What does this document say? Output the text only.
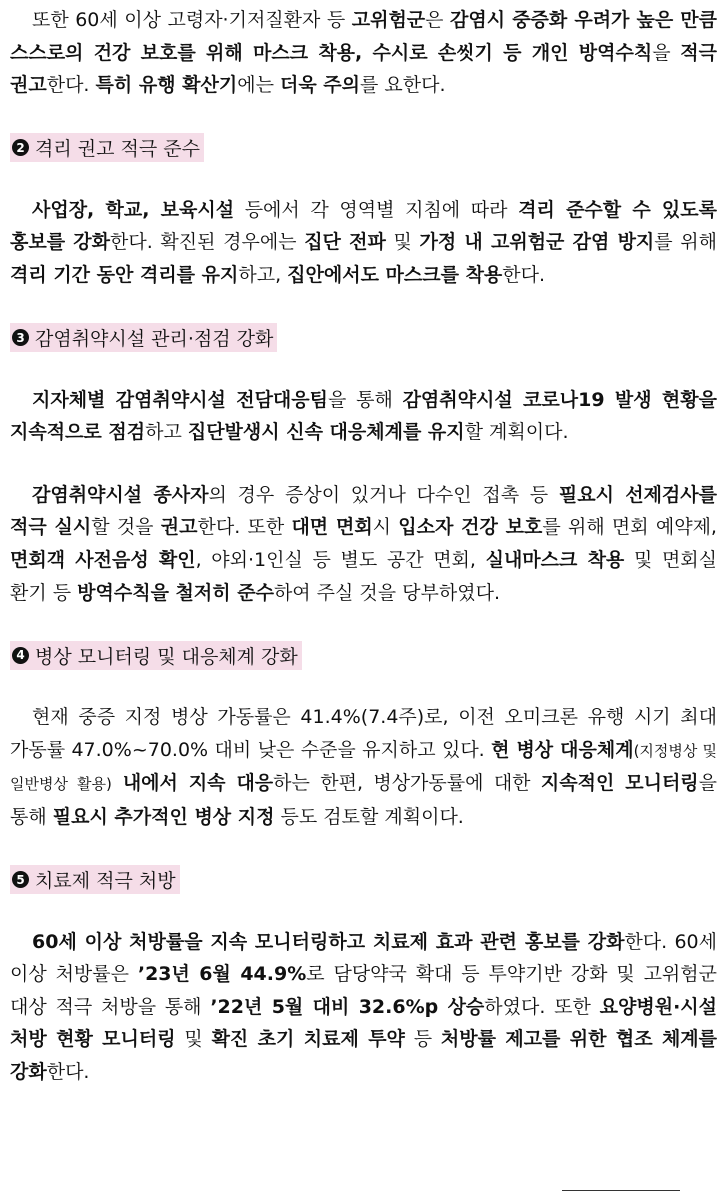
또한 60세 이상 고령자·기저질환자 등 고위험군은 감염시 중증화 우려가 높은 만큼 스스로의 건강 보호를 위해 마스크 착용, 수시로 손씻기 등 개인 방역수칙을 적극 권고한다. 특히 유행 확산기에는 더욱 주의를 요한다.

2 격리 권고 적극 준수

사업장, 학교, 보육시설 등에서 각 영역별 지침에 따라 격리 준수할 수 있도록 홍보를 강화한다. 확진된 경우에는 집단 전파 및 가정 내 고위험군 감염 방지를 위해 격리 기간 동안 격리를 유지하고, 집안에서도 마스크를 착용한다.

3 감염취약시설 관리·점검 강화

지자체별 감염취약시설 전담대응팀을 통해 감염취약시설 코로나19 발생 현황을 지속적으로 점검하고 집단발생시 신속 대응체계를 유지할 계획이다.

감염취약시설 종사자의 경우 증상이 있거나 다수인 접촉 등 필요시 선제검사를 적극 실시할 것을 권고한다. 또한 대면 면회시 입소자 건강 보호를 위해 면회 예약제, 면회객 사전음성 확인, 야외·1인실 등 별도 공간 면회, 실내마스크 착용 및 면회실 환기 등 방역수칙을 철저히 준수하여 주실 것을 당부하였다.

4 병상 모니터링 및 대응체계 강화

현재 중증 지정 병상 가동률은 41.4%(7.4주)로, 이전 오미크론 유행 시기 최대 가동률 47.0%~70.0% 대비 낮은 수준을 유지하고 있다. 현 병상 대응체계(지정병상 및 일반병상 활용) 내에서 지속 대응하는 한편, 병상가동률에 대한 지속적인 모니터링을 통해 필요시 추가적인 병상 지정 등도 검토할 계획이다.

5 치료제 적극 처방

60세 이상 처방률을 지속 모니터링하고 치료제 효과 관련 홍보를 강화한다. 60세 이상 처방률은 ’23년 6월 44.9%로 담당약국 확대 등 투약기반 강화 및 고위험군 대상 적극 처방을 통해 ’22년 5월 대비 32.6%p 상승하였다. 또한 요양병원·시설 처방 현황 모니터링 및 확진 초기 치료제 투약 등 처방률 제고를 위한 협조 체계를 강화한다.
